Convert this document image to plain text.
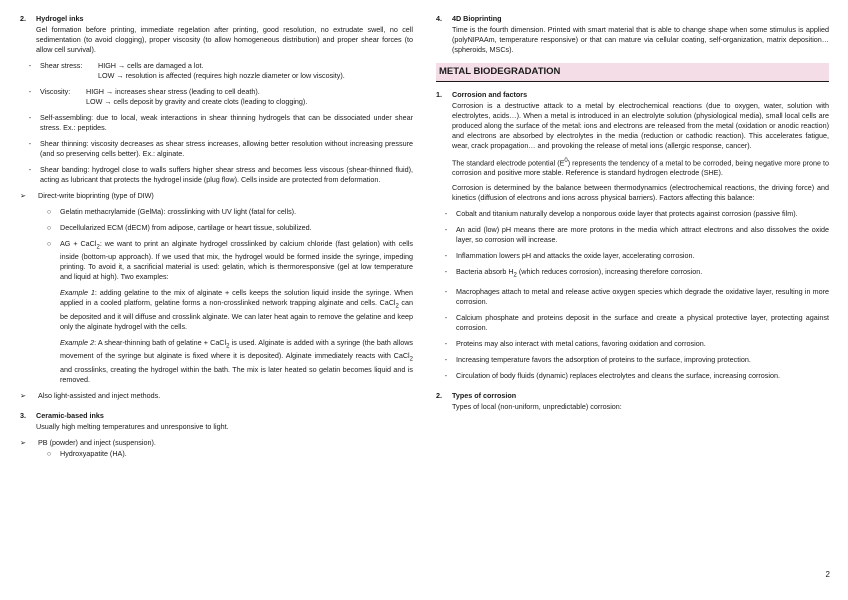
2.	Hydrogel inks

Gel formation before printing, immediate regelation after printing, good resolution, no extrudate swell, no cell sedimentation (to avoid clogging), proper viscosity (to allow homogeneous distribution) and proper shear forces (to allow cell survival).

-	Shear stress:	HIGH → cells are damaged a lot.
LOW → resolution is affected (requires high nozzle diameter or low viscosity).
-	Viscosity:	HIGH → increases shear stress (leading to cell death).
LOW → cells deposit by gravity and create clots (leading to clogging).
-	Self-assembling: due to local, weak interactions in shear thinning hydrogels that can be dissociated under shear stress. Ex.: peptides.
-	Shear thinning: viscosity decreases as shear stress increases, allowing better resolution without increasing pressure (and so preserving cells better). Ex.: alginate.
-	Shear banding: hydrogel close to walls suffers higher shear stress and becomes less viscous (shear-thinned fluid), acting as lubricant that protects the hydrogel inside (plug flow). Cells inside are protected from deformation.
➢	Direct-write bioprinting (type of DIW)
○	Gelatin methacrylamide (GelMa): crosslinking with UV light (fatal for cells).
○	Decellularized ECM (dECM) from adipose, cartilage or heart tissue, solubilized.
○	AG + CaCl$_2$: we want to print an alginate hydrogel crosslinked by calcium chloride (fast gelation) with cells inside (bottom-up approach). If we used that mix, the hydrogel would be formed inside the syringe, impeding printing. To avoid it, a sacrificial material is used: gelatin, which is thermoresponsive (gel at low temperature and liquid at high). Two examples:

Example 1: adding gelatine to the mix of alginate + cells keeps the solution liquid inside the syringe. When applied in a cooled platform, gelatine forms a non-crosslinked network trapping alginate and cells. CaCl$_2$ can be deposited and it will diffuse and crosslink alginate. We can later heat again to remove the gelatine and keep only the alginate hydrogel with the cells.

Example 2: A shear-thinning bath of gelatine + CaCl$_2$ is used. Alginate is added with a syringe (the bath allows movement of the syringe but alginate is fixed where it is deposited). Alginate immediately reacts with CaCl$_2$ and crosslinks, creating the hydrogel within the bath. The mix is later heated so gelatin becomes liquid and is removed.

➢	Also light-assisted and inject methods.
3.	Ceramic-based inks

Usually high melting temperatures and unresponsive to light.

➢	PB (powder) and inject (suspension).
○	Hydroxyapatite (HA).
4.	4D Bioprinting

Time is the fourth dimension. Printed with smart material that is able to change shape when some stimulus is applied (polyNIPAAm, temperature responsive) or that can mature via cellular coating, self-organization, matrix deposition… (spheroids, MSCs).

METAL BIODEGRADATION
1.	Corrosion and factors

Corrosion is a destructive attack to a metal by electrochemical reactions (due to oxygen, water, solution with electrolytes, acids…). When a metal is introduced in an electrolyte solution (physiological media), small local cells are produced along the surface of the metal: ions and electrons are released from the metal (oxidation or anodic reaction) and electrons are absorbed by electrolytes in the media (reduction or cathodic reaction). This accelerates fatigue, wear, crack propagation… and provoking the release of metal ions (allergic response, cancer).

The standard electrode potential $(E^0)$ represents the tendency of a metal to be corroded, being negative more prone to corrosion and positive more stable. Reference is standard hydrogen electrode (SHE).

Corrosion is determined by the balance between thermodynamics (electrochemical reactions, the driving force) and kinetics (diffusion of electrons and ions across physical barriers). Factors affecting this balance:

-	Cobalt and titanium naturally develop a nonporous oxide layer that protects against corrosion (passive film).
-	An acid (low) pH means there are more protons in the media which attract electrons and also dissolves the oxide layer, so corrosion will increase.
-	Inflammation lowers pH and attacks the oxide layer, accelerating corrosion.
-	Bacteria absorb $H_2$ (which reduces corrosion), increasing therefore corrosion.
-	Macrophages attach to metal and release active oxygen species which degrade the oxidative layer, resulting in more corrosion.
-	Calcium phosphate and proteins deposit in the surface and create a physical protective layer, protecting against corrosion.
-	Proteins may also interact with metal cations, favoring oxidation and corrosion.
-	Increasing temperature favors the adsorption of proteins to the surface, improving protection.
-	Circulation of body fluids (dynamic) replaces electrolytes and cleans the surface, increasing corrosion.
2.	Types of corrosion

Types of local (non-uniform, unpredictable) corrosion:

2
